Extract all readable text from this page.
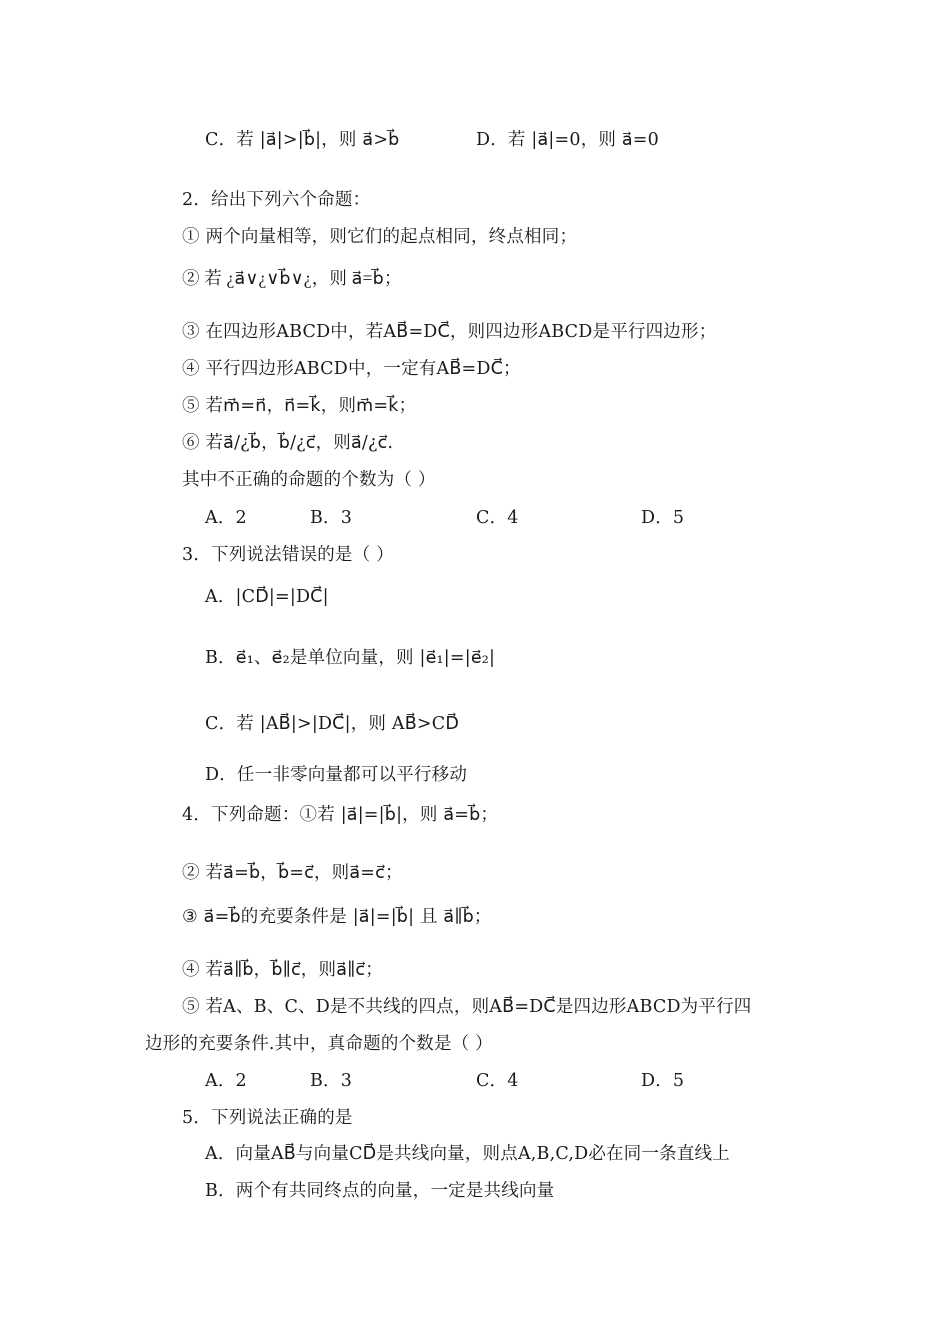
C．若 |a⃗|>|b⃗|，则 a⃗>b⃗	D．若 |a⃗|=0，则 a⃗=0
2．给出下列六个命题：
① 两个向量相等，则它们的起点相同，终点相同；
② 若 ¿a⃗∨¿∨b⃗∨¿，则 a⃗=b⃗；
③ 在四边形ABCD中，若AB⃗=DC⃗，则四边形ABCD是平行四边形；
④ 平行四边形ABCD中，一定有AB⃗=DC⃗；
⑤ 若m⃗=n⃗，n⃗=k⃗，则m⃗=k⃗；
⑥ 若a⃗/¿b⃗，b⃗/¿c⃗，则a⃗/¿c⃗.
其中不正确的命题的个数为（ ）
A．2	B．3	C．4	D．5
3．下列说法错误的是（ ）
A．|CD⃗|=|DC⃗|
B．e⃗₁、e⃗₂是单位向量，则 |e⃗₁|=|e⃗₂|
C．若 |AB⃗|>|DC⃗|，则 AB⃗>CD⃗
D．任一非零向量都可以平行移动
4．下列命题：①若 |a⃗|=|b⃗|，则 a⃗=b⃗；
② 若a⃗=b⃗，b⃗=c⃗，则a⃗=c⃗；
③ a⃗=b⃗的充要条件是 |a⃗|=|b⃗| 且 a⃗∥b⃗；
④ 若a⃗∥b⃗，b⃗∥c⃗，则a⃗∥c⃗；
⑤ 若A、B、C、D是不共线的四点，则AB⃗=DC⃗是四边形ABCD为平行四
边形的充要条件.其中，真命题的个数是（ ）
A．2	B．3	C．4	D．5
5．下列说法正确的是
A．向量AB⃗与向量CD⃗是共线向量，则点A,B,C,D必在同一条直线上
B．两个有共同终点的向量，一定是共线向量
